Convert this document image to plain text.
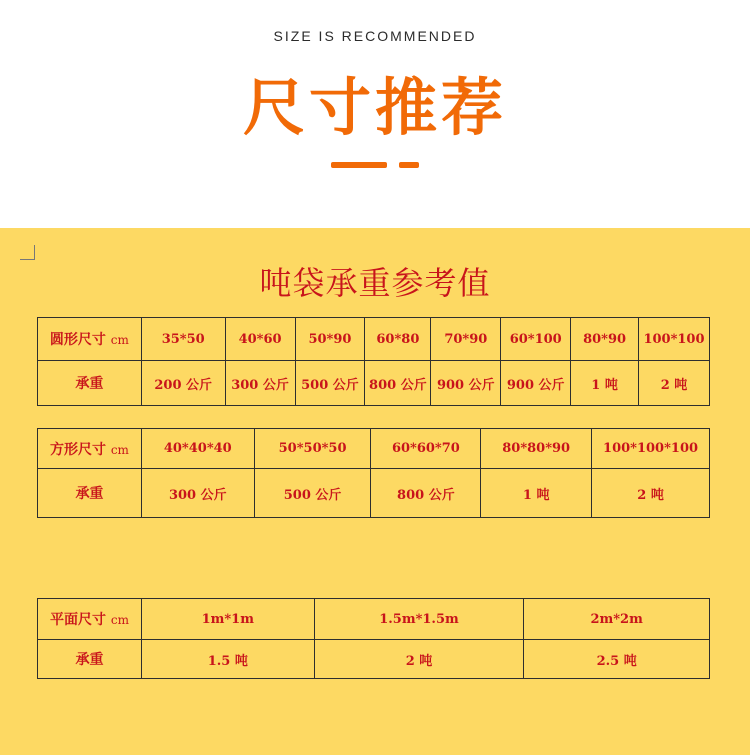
SIZE IS RECOMMENDED
尺寸推荐
吨袋承重参考值
圆形尺寸 cm	35*50	40*60	50*90	60*80	70*90	60*100	80*90	100*100
承重	200 公斤	300 公斤	500 公斤	800 公斤	900 公斤	900 公斤	1 吨	2 吨
方形尺寸 cm	40*40*40	50*50*50	60*60*70	80*80*90	100*100*100
承重	300 公斤	500 公斤	800 公斤	1 吨	2 吨
平面尺寸 cm	1m*1m	1.5m*1.5m	2m*2m
承重	1.5 吨	2 吨	2.5 吨
